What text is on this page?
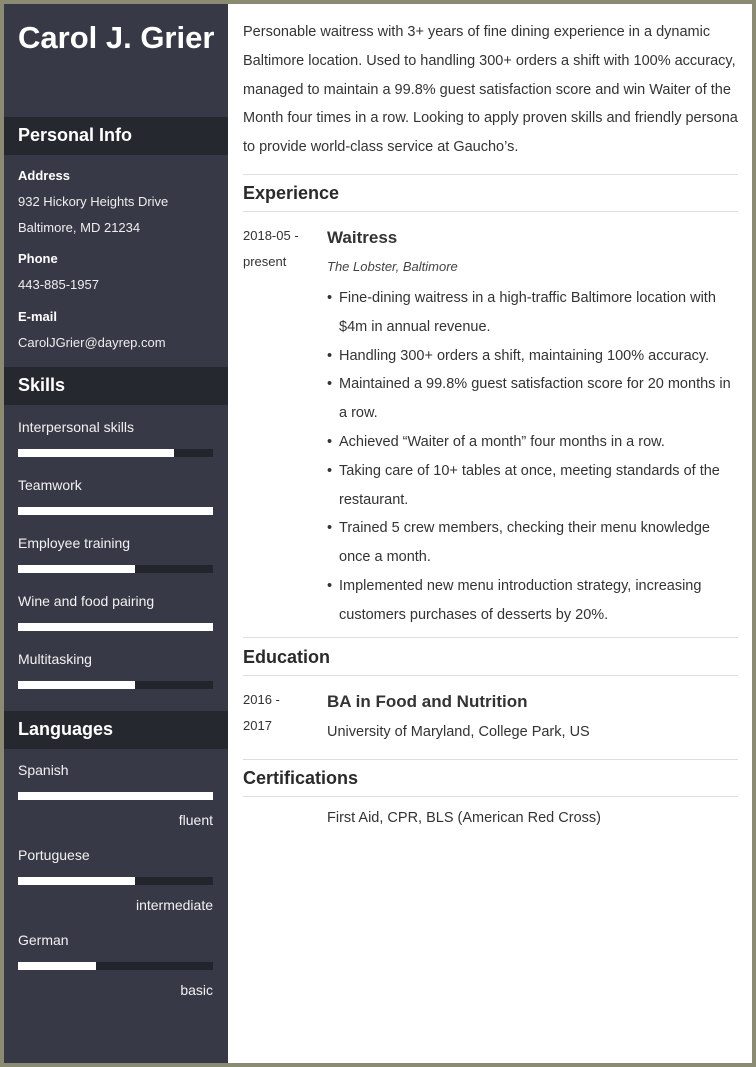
Carol J. Grier
Personal Info
Address
932 Hickory Heights Drive
Baltimore, MD 21234
Phone
443-885-1957
E-mail
CarolJGrier@dayrep.com
Skills
Interpersonal skills
Teamwork
Employee training
Wine and food pairing
Multitasking
Languages
Spanish
fluent
Portuguese
intermediate
German
basic
Personable waitress with 3+ years of fine dining experience in a dynamic Baltimore location. Used to handling 300+ orders a shift with 100% accuracy, managed to maintain a 99.8% guest satisfaction score and win Waiter of the Month four times in a row. Looking to apply proven skills and friendly persona to provide world-class service at Gaucho’s.
Experience
2018-05 -
present
Waitress
The Lobster, Baltimore
• Fine-dining waitress in a high-traffic Baltimore location with $4m in annual revenue.
• Handling 300+ orders a shift, maintaining 100% accuracy.
• Maintained a 99.8% guest satisfaction score for 20 months in a row.
• Achieved “Waiter of a month” four months in a row.
• Taking care of 10+ tables at once, meeting standards of the restaurant.
• Trained 5 crew members, checking their menu knowledge once a month.
• Implemented new menu introduction strategy, increasing customers purchases of desserts by 20%.
Education
2016 -
2017
BA in Food and Nutrition
University of Maryland, College Park, US
Certifications
First Aid, CPR, BLS (American Red Cross)
